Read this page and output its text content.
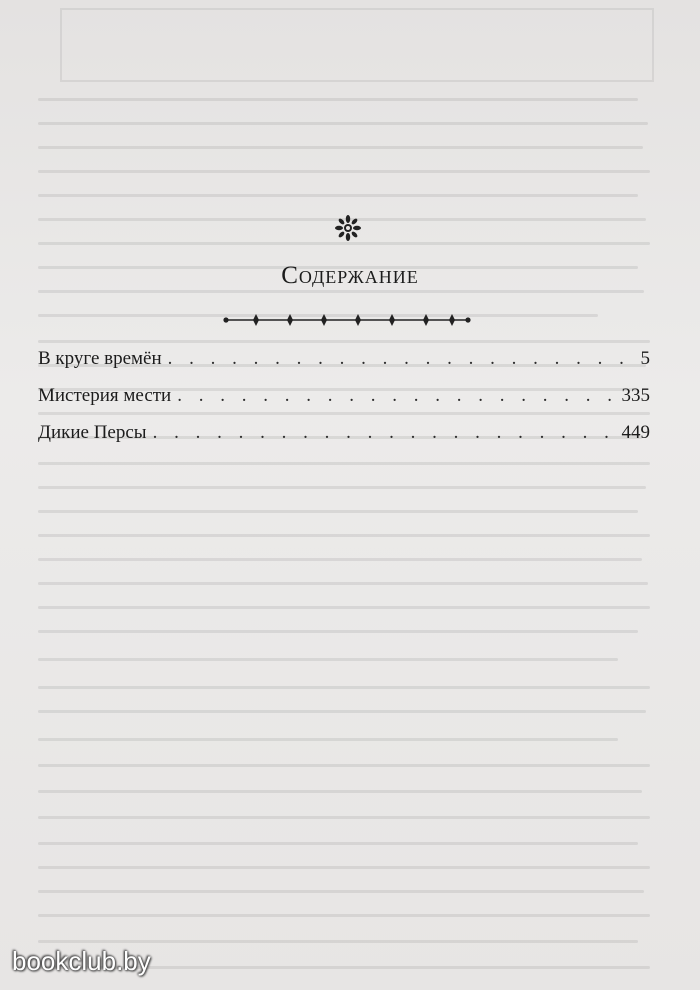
Содержание
В круге времён . . .	5
Мистерия мести . . .	335
Дикие Персы . . .	449
bookclub.by
